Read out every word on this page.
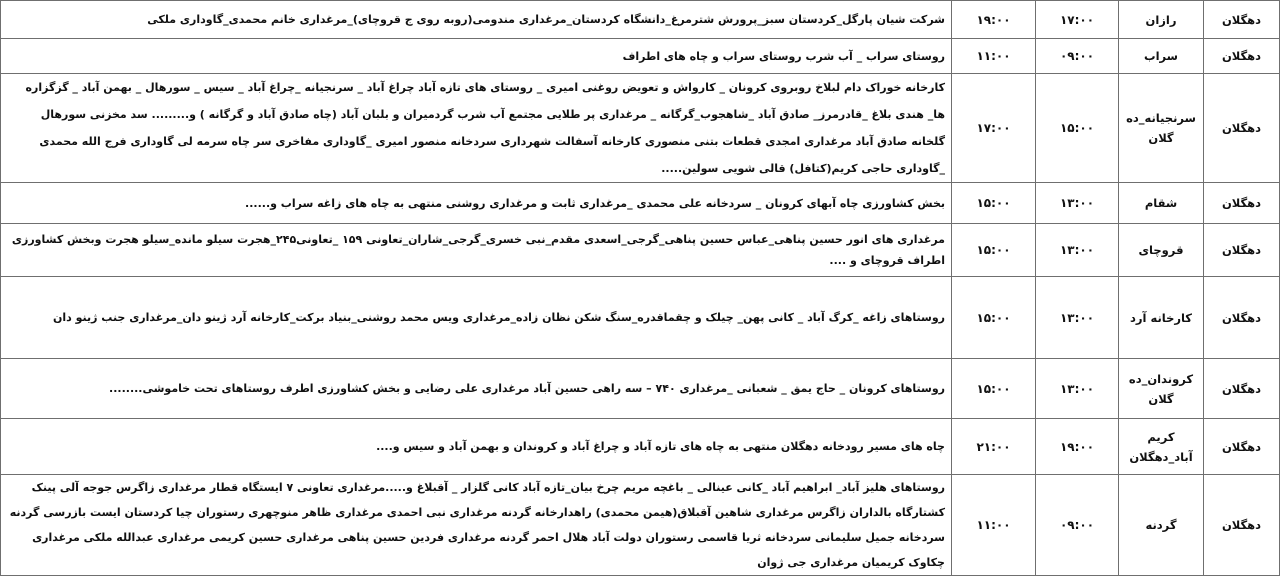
دهگلان	رازان	۱۷:۰۰	۱۹:۰۰	شرکت شیان پارگل_کردستان سبز_پرورش شترمرغ_دانشگاه کردستان_مرغداری مندومی(روبه روی ج قروچای)_مرغداری خانم محمدی_گاوداری ملکی
دهگلان	سراب	۰۹:۰۰	۱۱:۰۰	روستای سراب _ آب شرب روستای سراب و چاه های اطراف
دهگلان	سرنجیانه_ده گلان	۱۵:۰۰	۱۷:۰۰	کارخانه خوراک دام لبلاخ روبروی کرونان _ کارواش و تعویض روغنی امیری _ روستای های تازه آباد چراغ آباد _ سرنجیانه _چراغ آباد _ سیس _ سورهال _ بهمن آباد _ گزگزاره ها_ هندی بلاغ _قادرمرز_ صادق آباد _شاهجوب_گرگانه _ مرغداری پر طلایی مجتمع آب شرب گردمیران و بلبان آباد (چاه صادق آباد و گرگانه ) و......... سد مخزنی سورهال گلخانه صادق آباد مرغداری امجدی قطعات بتنی منصوری کارخانه آسفالت شهرداری سردخانه منصور امیری _گاوداری مفاخری سر چاه سرمه لی گاوداری فرج الله محمدی _گاوداری حاجی کریم(کتافل) قالی شویی سولین.....
دهگلان	شقام	۱۳:۰۰	۱۵:۰۰	بخش کشاورزی چاه آبهای کرونان _ سردخانه علی محمدی _مرغداری ثابت و مرغداری روشنی منتهی به چاه های زاغه سراب و......
دهگلان	قروچای	۱۳:۰۰	۱۵:۰۰	مرغداری های انور حسین پناهی_عباس حسین پناهی_گرجی_اسعدی مقدم_نبی خسری_گرجی_شاران_تعاونی ۱۵۹ _تعاونی۲۴۵_هجرت سیلو مانده_سیلو هجرت وبخش کشاورزی اطراف قروچای و ....
دهگلان	کارخانه آرد	۱۳:۰۰	۱۵:۰۰	روستاهای زاغه _کرگ آباد _ کانی پهن_ چیلک و چقماقدره_سنگ شکن نظان زاده_مرغداری ویس محمد روشنی_بنیاد برکت_کارخانه آرد ژینو دان_مرغداری جنب ژینو دان
دهگلان	کروندان_ده گلان	۱۳:۰۰	۱۵:۰۰	روستاهای کرونان _ حاج یمق _ شعبانی _مرغداری ۷۴۰ – سه راهی حسین آباد مرغداری علی رضایی و بخش کشاورزی اطرف روستاهای تحت خاموشی........
دهگلان	کریم آباد_دهگلان	۱۹:۰۰	۲۱:۰۰	چاه های مسیر رودخانه دهگلان منتهی به چاه های تازه آباد و چراغ آباد و کروندان و بهمن آباد و سیس و....
دهگلان	گردنه	۰۹:۰۰	۱۱:۰۰	روستاهای هلیز آباد_ ابراهیم آباد _کانی عینالی _ باغچه مریم چرخ بیان_تازه آباد کانی گلزار _ آقبلاغ و.....مرغداری تعاونی ۷ ایستگاه قطار مرغداری زاگرس جوجه آلی پینک کشتارگاه بالداران زاگرس مرغداری شاهین آقبلاق(هیمن محمدی) راهدارخانه گردنه مرغداری نبی احمدی مرغداری ظاهر منوچهری رستوران چیا کردستان ایست بازرسی گردنه سردخانه جمیل سلیمانی سردخانه ثریا قاسمی رستوران دولت آباد هلال احمر گردنه مرغداری فردین حسین پناهی مرغداری حسین کریمی مرغداری عبدالله ملکی مرغداری چکاوک کریمیان مرغداری جی ژوان
